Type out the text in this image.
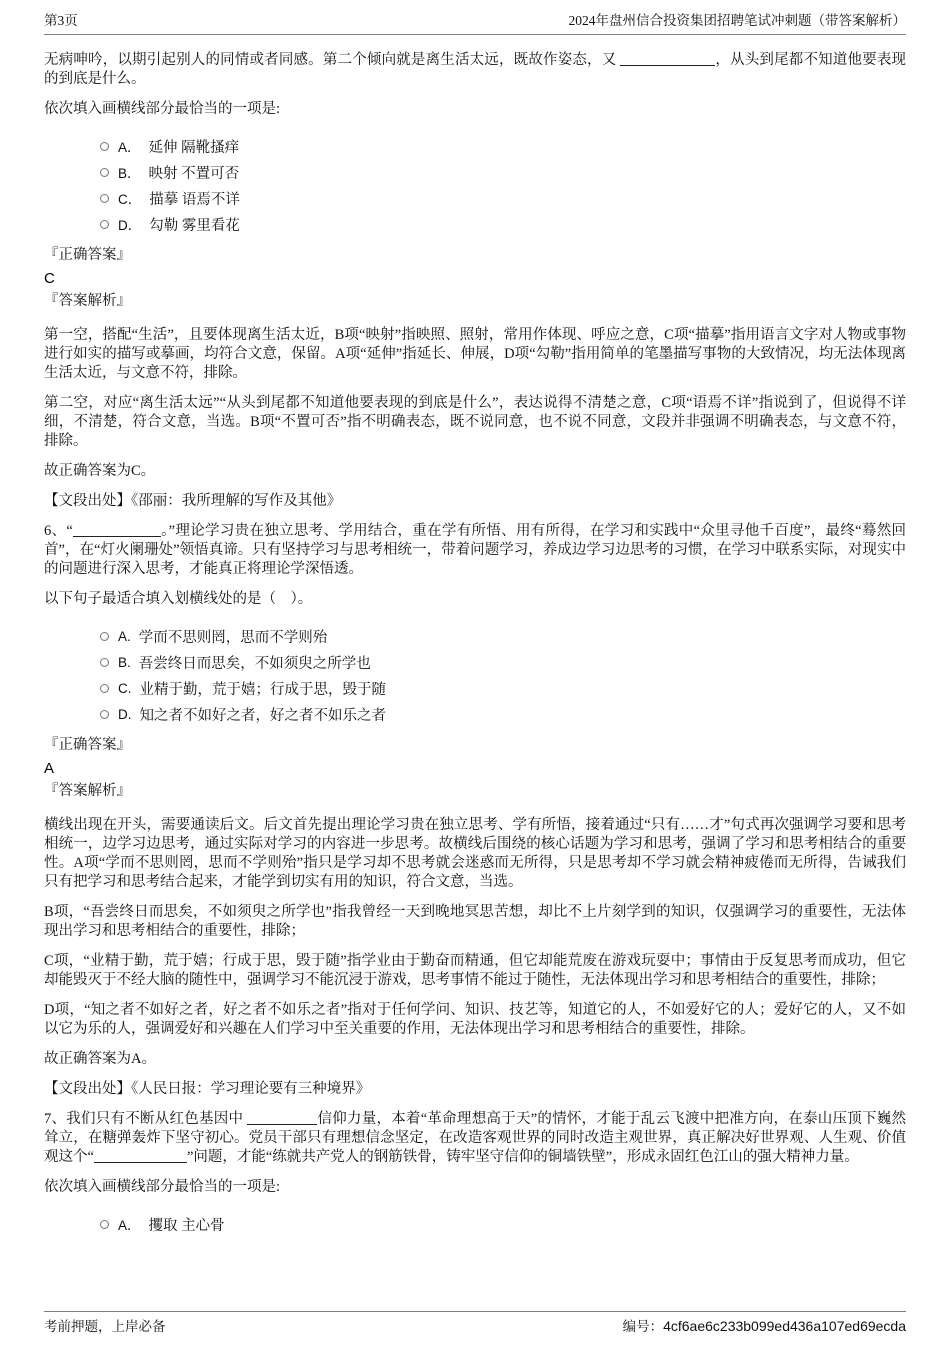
第3页	2024年盘州信合投资集团招聘笔试冲刺题（带答案解析）

无病呻吟，以期引起别人的同情或者同感。第二个倾向就是离生活太远，既故作姿态，又	，从头到尾都不知道他要表现的到底是什么。

依次填入画横线部分最恰当的一项是:

A． 延伸 隔靴搔痒
B． 映射 不置可否
C． 描摹 语焉不详
D． 勾勒 雾里看花
『正确答案』
C
『答案解析』

第一空，搭配“生活”，且要体现离生活太近，B项“映射”指映照、照射，常用作体现、呼应之意，C项“描摹”指用语言文字对人物或事物进行如实的描写或摹画，均符合文意，保留。A项“延伸”指延长、伸展，D项“勾勒”指用简单的笔墨描写事物的大致情况，均无法体现离生活太近，与文意不符，排除。

第二空，对应“离生活太远”“从头到尾都不知道他要表现的到底是什么”，表达说得不清楚之意，C项“语焉不详”指说到了，但说得不详细，不清楚，符合文意，当选。B项“不置可否”指不明确表态，既不说同意，也不说不同意，文段并非强调不明确表态，与文意不符，排除。

故正确答案为C。

【文段出处】《邵丽：我所理解的写作及其他》

6、“	。”理论学习贵在独立思考、学用结合，重在学有所悟、用有所得，在学习和实践中“众里寻他千百度”，最终“蓦然回首”，在“灯火阑珊处”领悟真谛。只有坚持学习与思考相统一，带着问题学习，养成边学习边思考的习惯，在学习中联系实际，对现实中的问题进行深入思考，才能真正将理论学深悟透。

以下句子最适合填入划横线处的是（　）。

A. 学而不思则罔，思而不学则殆
B. 吾尝终日而思矣，不如须臾之所学也
C. 业精于勤，荒于嬉；行成于思，毁于随
D. 知之者不如好之者，好之者不如乐之者
『正确答案』
A
『答案解析』

横线出现在开头，需要通读后文。后文首先提出理论学习贵在独立思考、学有所悟，接着通过“只有……才”句式再次强调学习要和思考相统一，边学习边思考，通过实际对学习的内容进一步思考。故横线后围绕的核心话题为学习和思考，强调了学习和思考相结合的重要性。A项“学而不思则罔，思而不学则殆”指只是学习却不思考就会迷惑而无所得，只是思考却不学习就会精神疲倦而无所得，告诫我们只有把学习和思考结合起来，才能学到切实有用的知识，符合文意，当选。

B项，“吾尝终日而思矣，不如须臾之所学也”指我曾经一天到晚地冥思苦想，却比不上片刻学到的知识，仅强调学习的重要性，无法体现出学习和思考相结合的重要性，排除；

C项，“业精于勤，荒于嬉；行成于思，毁于随”指学业由于勤奋而精通，但它却能荒废在游戏玩耍中；事情由于反复思考而成功，但它却能毁灭于不经大脑的随性中，强调学习不能沉浸于游戏，思考事情不能过于随性，无法体现出学习和思考相结合的重要性，排除；

D项，“知之者不如好之者，好之者不如乐之者”指对于任何学问、知识、技艺等，知道它的人，不如爱好它的人；爱好它的人，又不如以它为乐的人，强调爱好和兴趣在人们学习中至关重要的作用，无法体现出学习和思考相结合的重要性，排除。

故正确答案为A。

【文段出处】《人民日报：学习理论要有三种境界》

7、我们只有不断从红色基因中	信仰力量，本着“革命理想高于天”的情怀，才能于乱云飞渡中把准方向，在泰山压顶下巍然耸立，在糖弹轰炸下坚守初心。党员干部只有理想信念坚定，在改造客观世界的同时改造主观世界，真正解决好世界观、人生观、价值观这个“	”问题，才能“练就共产党人的钢筋铁骨，铸牢坚守信仰的铜墙铁壁”，形成永固红色江山的强大精神力量。

依次填入画横线部分最恰当的一项是:

A． 攫取 主心骨
考前押题，上岸必备	编号： 4cf6ae6c233b099ed436a107ed69ecda
